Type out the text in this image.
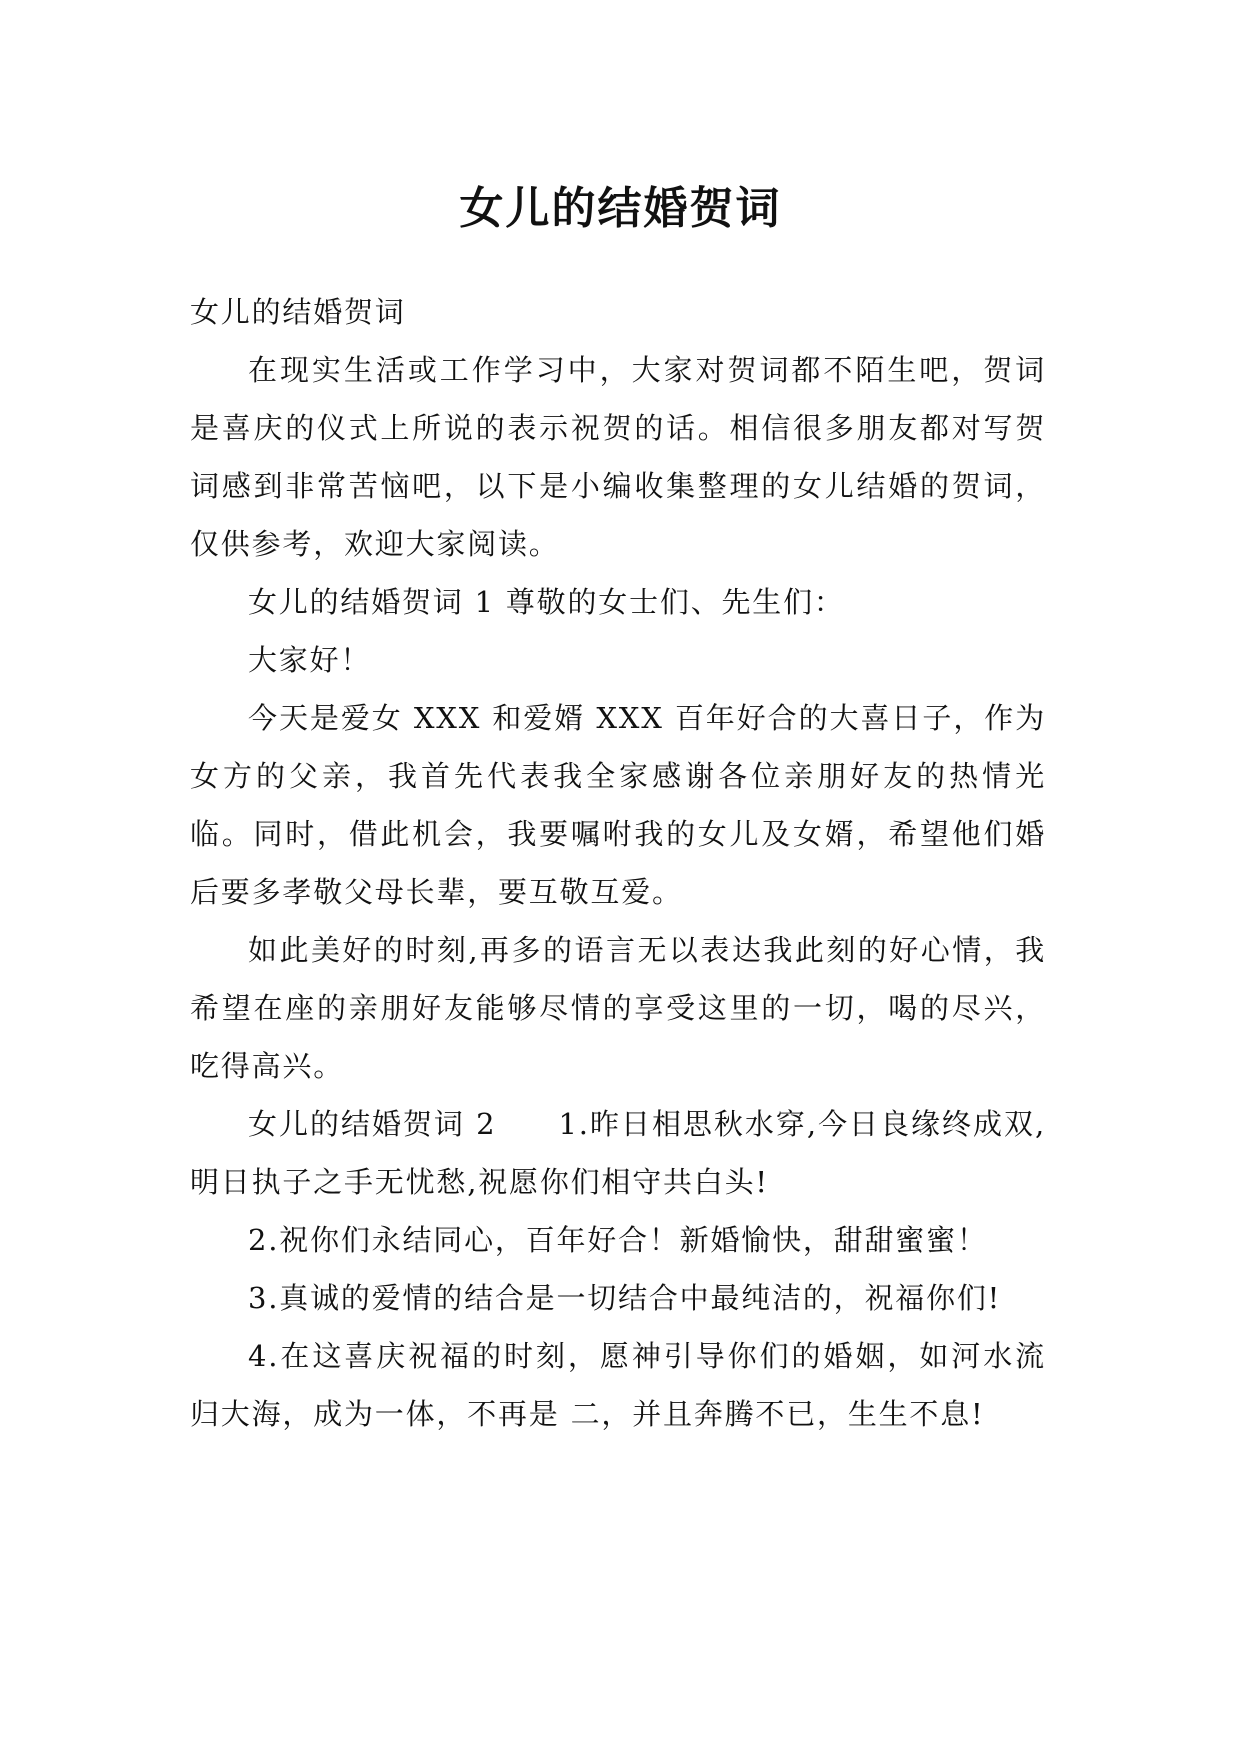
女儿的结婚贺词

女儿的结婚贺词

在现实生活或工作学习中，大家对贺词都不陌生吧，贺词是喜庆的仪式上所说的表示祝贺的话。相信很多朋友都对写贺词感到非常苦恼吧，以下是小编收集整理的女儿结婚的贺词，仅供参考，欢迎大家阅读。

女儿的结婚贺词 1 尊敬的女士们、先生们：

大家好！

今天是爱女 XXX 和爱婿 XXX 百年好合的大喜日子，作为女方的父亲，我首先代表我全家感谢各位亲朋好友的热情光临。同时，借此机会，我要嘱咐我的女儿及女婿，希望他们婚后要多孝敬父母长辈，要互敬互爱。

如此美好的时刻,再多的语言无以表达我此刻的好心情，我希望在座的亲朋好友能够尽情的享受这里的一切，喝的尽兴，吃得高兴。

女儿的结婚贺词 2　　1.昨日相思秋水穿,今日良缘终成双,明日执子之手无忧愁,祝愿你们相守共白头!

2.祝你们永结同心，百年好合！新婚愉快，甜甜蜜蜜！

3.真诚的爱情的结合是一切结合中最纯洁的，祝福你们!

4.在这喜庆祝福的时刻，愿神引导你们的婚姻，如河水流归大海，成为一体，不再是 二，并且奔腾不已，生生不息!
